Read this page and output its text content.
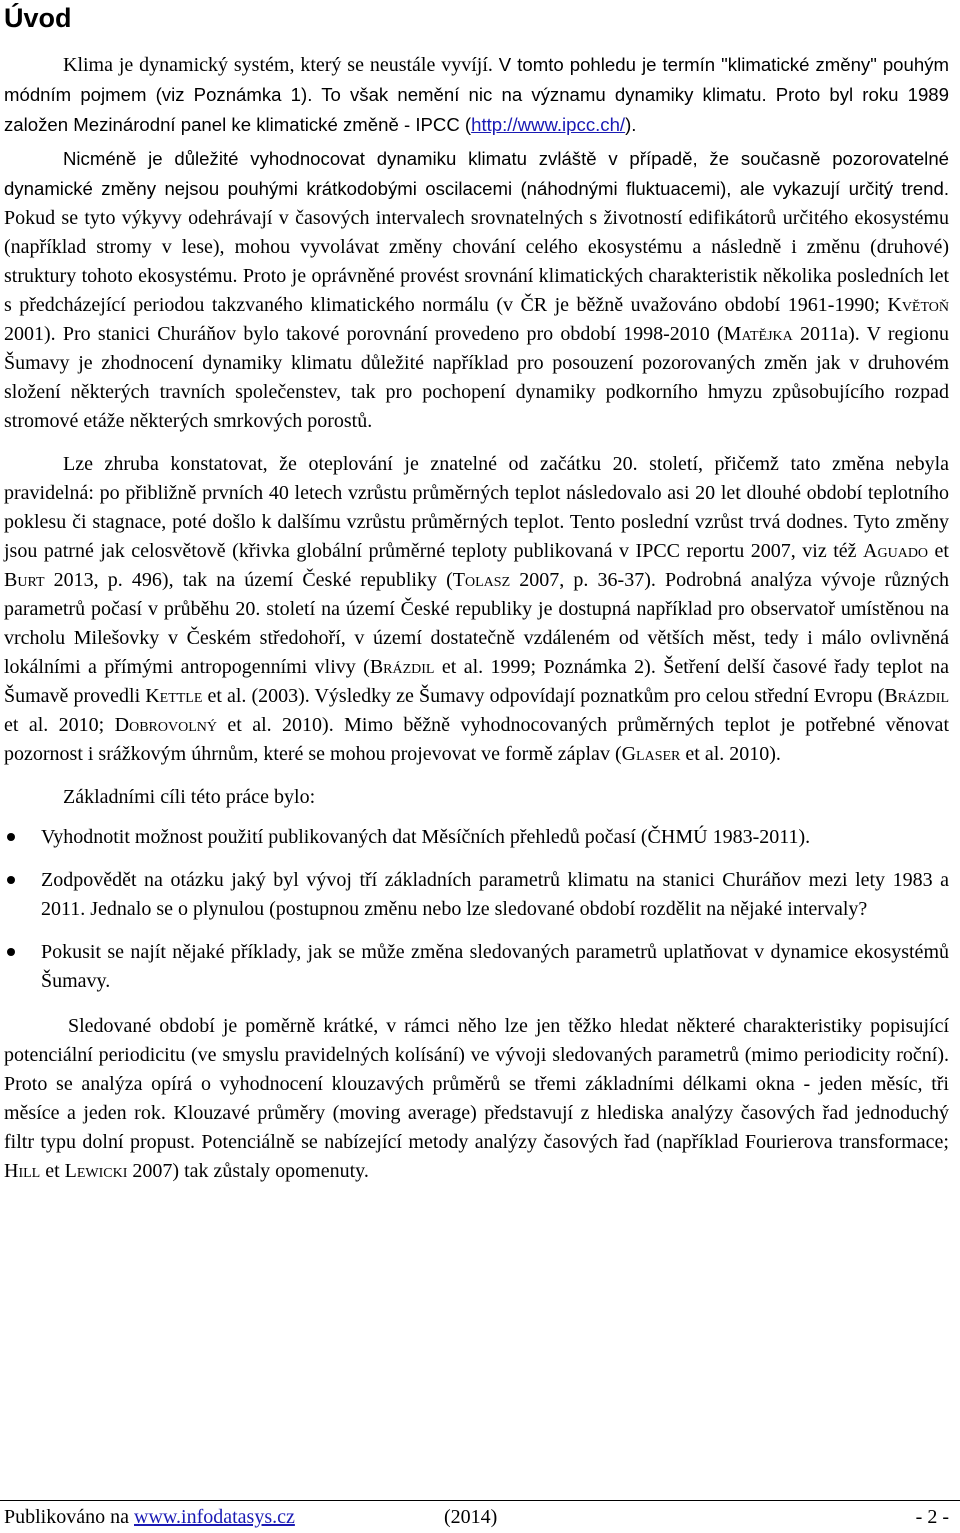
Úvod

Klima je dynamický systém, který se neustále vyvíjí. V tomto pohledu je termín "klimatické změny" pouhým módním pojmem (viz Poznámka 1). To však nemění nic na významu dynamiky klimatu. Proto byl roku 1989 založen Mezinárodní panel ke klimatické změně - IPCC (http://www.ipcc.ch/).

Nicméně je důležité vyhodnocovat dynamiku klimatu zvláště v případě, že současně pozorovatelné dynamické změny nejsou pouhými krátkodobými oscilacemi (náhodnými fluktuacemi), ale vykazují určitý trend. Pokud se tyto výkyvy odehrávají v časových intervalech srovnatelných s životností edifikátorů určitého ekosystému (například stromy v lese), mohou vyvolávat změny chování celého ekosystému a následně i změnu (druhové) struktury tohoto ekosystému. Proto je oprávněné provést srovnání klimatických charakteristik několika posledních let s předcházející periodou takzvaného klimatického normálu (v ČR je běžně uvažováno období 1961-1990; Květoň 2001). Pro stanici Churáňov bylo takové porovnání provedeno pro období 1998-2010 (Matějka 2011a). V regionu Šumavy je zhodnocení dynamiky klimatu důležité například pro posouzení pozorovaných změn jak v druhovém složení některých travních společenstev, tak pro pochopení dynamiky podkorního hmyzu způsobujícího rozpad stromové etáže některých smrkových porostů.

Lze zhruba konstatovat, že oteplování je znatelné od začátku 20. století, přičemž tato změna nebyla pravidelná: po přibližně prvních 40 letech vzrůstu průměrných teplot následovalo asi 20 let dlouhé období teplotního poklesu či stagnace, poté došlo k dalšímu vzrůstu průměrných teplot. Tento poslední vzrůst trvá dodnes. Tyto změny jsou patrné jak celosvětově (křivka globální průměrné teploty publikovaná v IPCC reportu 2007, viz též Aguado et Burt 2013, p. 496), tak na území České republiky (Tolasz 2007, p. 36-37). Podrobná analýza vývoje různých parametrů počasí v průběhu 20. století na území České republiky je dostupná například pro observatoř umístěnou na vrcholu Milešovky v Českém středohoří, v území dostatečně vzdáleném od větších měst, tedy i málo ovlivněná lokálními a přímými antropogenními vlivy (Brázdil et al. 1999; Poznámka 2). Šetření delší časové řady teplot na Šumavě provedli Kettle et al. (2003). Výsledky ze Šumavy odpovídají poznatkům pro celou střední Evropu (Brázdil et al. 2010; Dobrovolný et al. 2010). Mimo běžně vyhodnocovaných průměrných teplot je potřebné věnovat pozornost i srážkovým úhrnům, které se mohou projevovat ve formě záplav (Glaser et al. 2010).

Základními cíli této práce bylo:

Vyhodnotit možnost použití publikovaných dat Měsíčních přehledů počasí (ČHMÚ 1983-2011).
Zodpovědět na otázku jaký byl vývoj tří základních parametrů klimatu na stanici Churáňov mezi lety 1983 a 2011. Jednalo se o plynulou (postupnou změnu nebo lze sledované období rozdělit na nějaké intervaly?
Pokusit se najít nějaké příklady, jak se může změna sledovaných parametrů uplatňovat v dynamice ekosystémů Šumavy.

Sledované období je poměrně krátké, v rámci něho lze jen těžko hledat některé charakteristiky popisující potenciální periodicitu (ve smyslu pravidelných kolísání) ve vývoji sledovaných parametrů (mimo periodicity roční). Proto se analýza opírá o vyhodnocení klouzavých průměrů se třemi základními délkami okna - jeden měsíc, tři měsíce a jeden rok. Klouzavé průměry (moving average) představují z hlediska analýzy časových řad jednoduchý filtr typu dolní propust. Potenciálně se nabízející metody analýzy časových řad (například Fourierova transformace; Hill et Lewicki 2007) tak zůstaly opomenuty.

Publikováno na www.infodatasys.cz	(2014)	- 2 -
